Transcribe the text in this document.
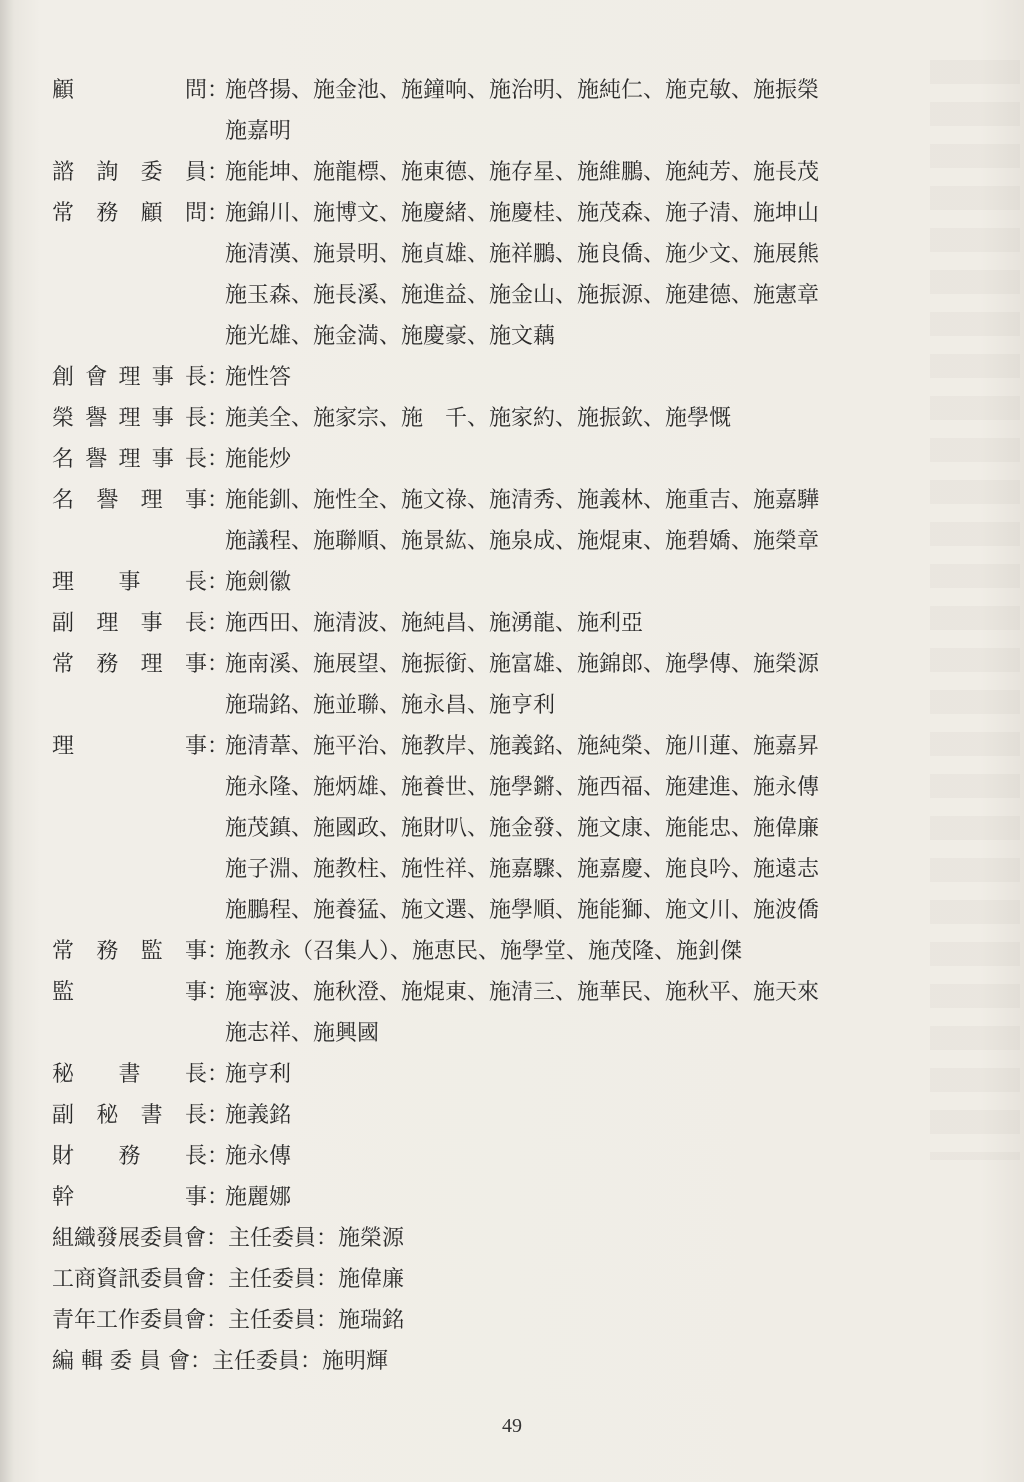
顧	問 ：
施啓揚、施金池、施鐘响、施治明、施純仁、施克敏、施振榮
施嘉明
諮 詢 委 員 ：
施能坤、施龍標、施東德、施存星、施維鵬、施純芳、施長茂
常 務 顧 問 ：
施錦川、施博文、施慶緒、施慶桂、施茂森、施子清、施坤山
施清漢、施景明、施貞雄、施祥鵬、施良僑、施少文、施展熊
施玉森、施長溪、施進益、施金山、施振源、施建德、施憲章
施光雄、施金満、施慶豪、施文藕
創 會 理 事 長 ：
施性答
榮 譽 理 事 長 ：
施美全、施家宗、施　千、施家約、施振欽、施學慨
名 譽 理 事 長 ：
施能炒
名 譽 理 事 ：
施能釧、施性全、施文祿、施清秀、施義林、施重吉、施嘉驊
施議程、施聯順、施景紘、施泉成、施焜東、施碧嬌、施榮章
理 事 長 ：
施劍徽
副 理 事 長 ：
施西田、施清波、施純昌、施湧龍、施利亞
常 務 理 事 ：
施南溪、施展望、施振銜、施富雄、施錦郎、施學傳、施榮源
施瑞銘、施並聯、施永昌、施亨利
理	事 ：
施清葦、施平治、施教岸、施義銘、施純榮、施川蓮、施嘉昇
施永隆、施炳雄、施養世、施學鏘、施西福、施建進、施永傳
施茂鎮、施國政、施財叭、施金發、施文康、施能忠、施偉廉
施子淵、施教柱、施性祥、施嘉驟、施嘉慶、施良吟、施遠志
施鵬程、施養猛、施文選、施學順、施能獅、施文川、施波僑
常 務 監 事 ：
施教永（召集人）、施恵民、施學堂、施茂隆、施釗傑
監	事 ：
施寧波、施秋澄、施焜東、施清三、施華民、施秋平、施天來
施志祥、施興國
秘 書 長 ：
施亨利
副 秘 書 長 ：
施義銘
財 務 長 ：
施永傳
幹	事 ：
施麗娜
組織發展委員會：主任委員：施榮源
工商資訊委員會：主任委員：施偉廉
青年工作委員會：主任委員：施瑞銘
編 輯 委 員 會：主任委員：施明輝
49
